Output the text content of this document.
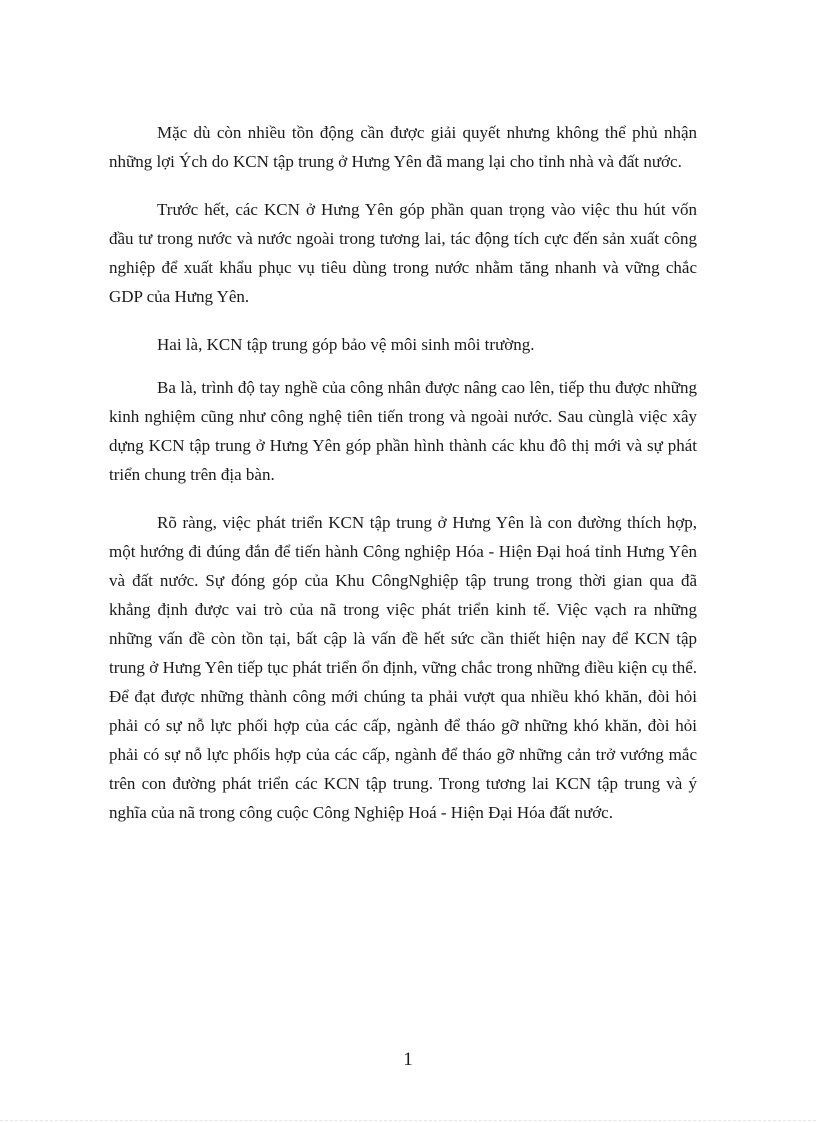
Mặc dù còn nhiều tồn động cần được giải quyết nhưng không thể phủ nhận những lợi Ých do KCN tập trung ở Hưng Yên đã mang lại cho tỉnh nhà và đất nước.

Trước hết, các KCN ở Hưng Yên góp phần quan trọng vào việc thu hút vốn đầu tư trong nước và nước ngoài trong tương lai, tác động tích cực đến sản xuất công nghiệp để xuất khẩu phục vụ tiêu dùng trong nước nhằm tăng nhanh và vững chắc GDP của Hưng Yên.

Hai là, KCN tập trung góp bảo vệ môi sinh môi trường.

Ba là, trình độ tay nghề của công nhân được nâng cao lên, tiếp thu được những kinh nghiệm cũng như công nghệ tiên tiến trong và ngoài nước. Sau cùnglà việc xây dựng KCN tập trung ở Hưng Yên góp phần hình thành các khu đô thị mới và sự phát triển chung trên địa bàn.

Rõ ràng, việc phát triển KCN tập trung ở Hưng Yên là con đường thích hợp, một hướng đi đúng đắn để tiến hành Công nghiệp Hóa - Hiện Đại hoá tỉnh Hưng Yên và đất nước. Sự đóng góp của Khu CôngNghiệp tập trung trong thời gian qua đã khẳng định được vai trò của nã trong việc phát triển kinh tế. Việc vạch ra những những vấn đề còn tồn tại, bất cập là vấn đề hết sức cần thiết hiện nay để KCN tập trung ở Hưng Yên tiếp tục phát triển ổn định, vững chắc trong những điều kiện cụ thể. Để đạt được những thành công mới chúng ta phải vượt qua nhiều khó khăn, đòi hỏi phải có sự nỗ lực phối hợp của các cấp, ngành để tháo gỡ những khó khăn, đòi hỏi phải có sự nỗ lực phốis hợp của các cấp, ngành để tháo gỡ những cản trở vướng mắc trên con đường phát triển các KCN tập trung. Trong tương lai KCN tập trung và ý nghĩa của nã trong công cuộc Công Nghiệp Hoá - Hiện Đại Hóa đất nước.

1
